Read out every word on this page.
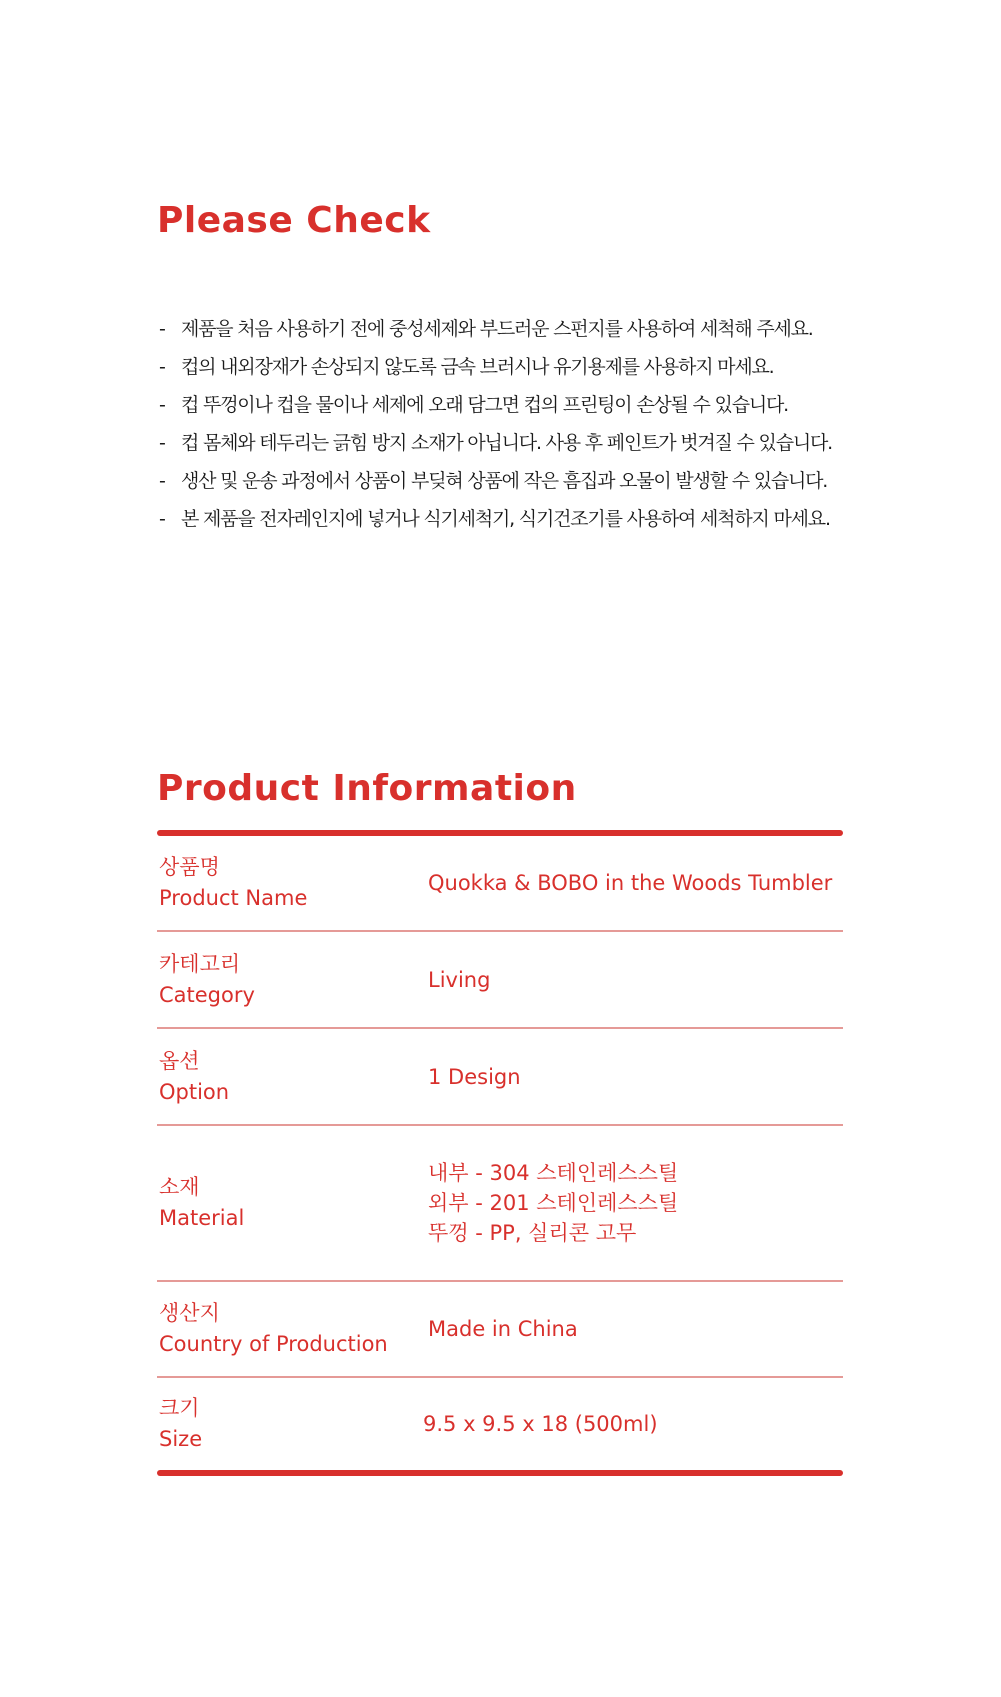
Please Check
- 제품을 처음 사용하기 전에 중성세제와 부드러운 스펀지를 사용하여 세척해 주세요.
- 컵의 내외장재가 손상되지 않도록 금속 브러시나 유기용제를 사용하지 마세요.
- 컵 뚜껑이나 컵을 물이나 세제에 오래 담그면 컵의 프린팅이 손상될 수 있습니다.
- 컵 몸체와 테두리는 긁힘 방지 소재가 아닙니다. 사용 후 페인트가 벗겨질 수 있습니다.
- 생산 및 운송 과정에서 상품이 부딪혀 상품에 작은 흠집과 오물이 발생할 수 있습니다.
- 본 제품을 전자레인지에 넣거나 식기세척기, 식기건조기를 사용하여 세척하지 마세요.
Product Information
상품명
Product Name
Quokka & BOBO in the Woods Tumbler
카테고리
Category
Living
옵션
Option
1 Design
소재
Material
내부 - 304 스테인레스스틸
외부 - 201 스테인레스스틸
뚜껑 - PP, 실리콘 고무
생산지
Country of Production
Made in China
크기
Size
9.5 x 9.5 x 18 (500ml)
